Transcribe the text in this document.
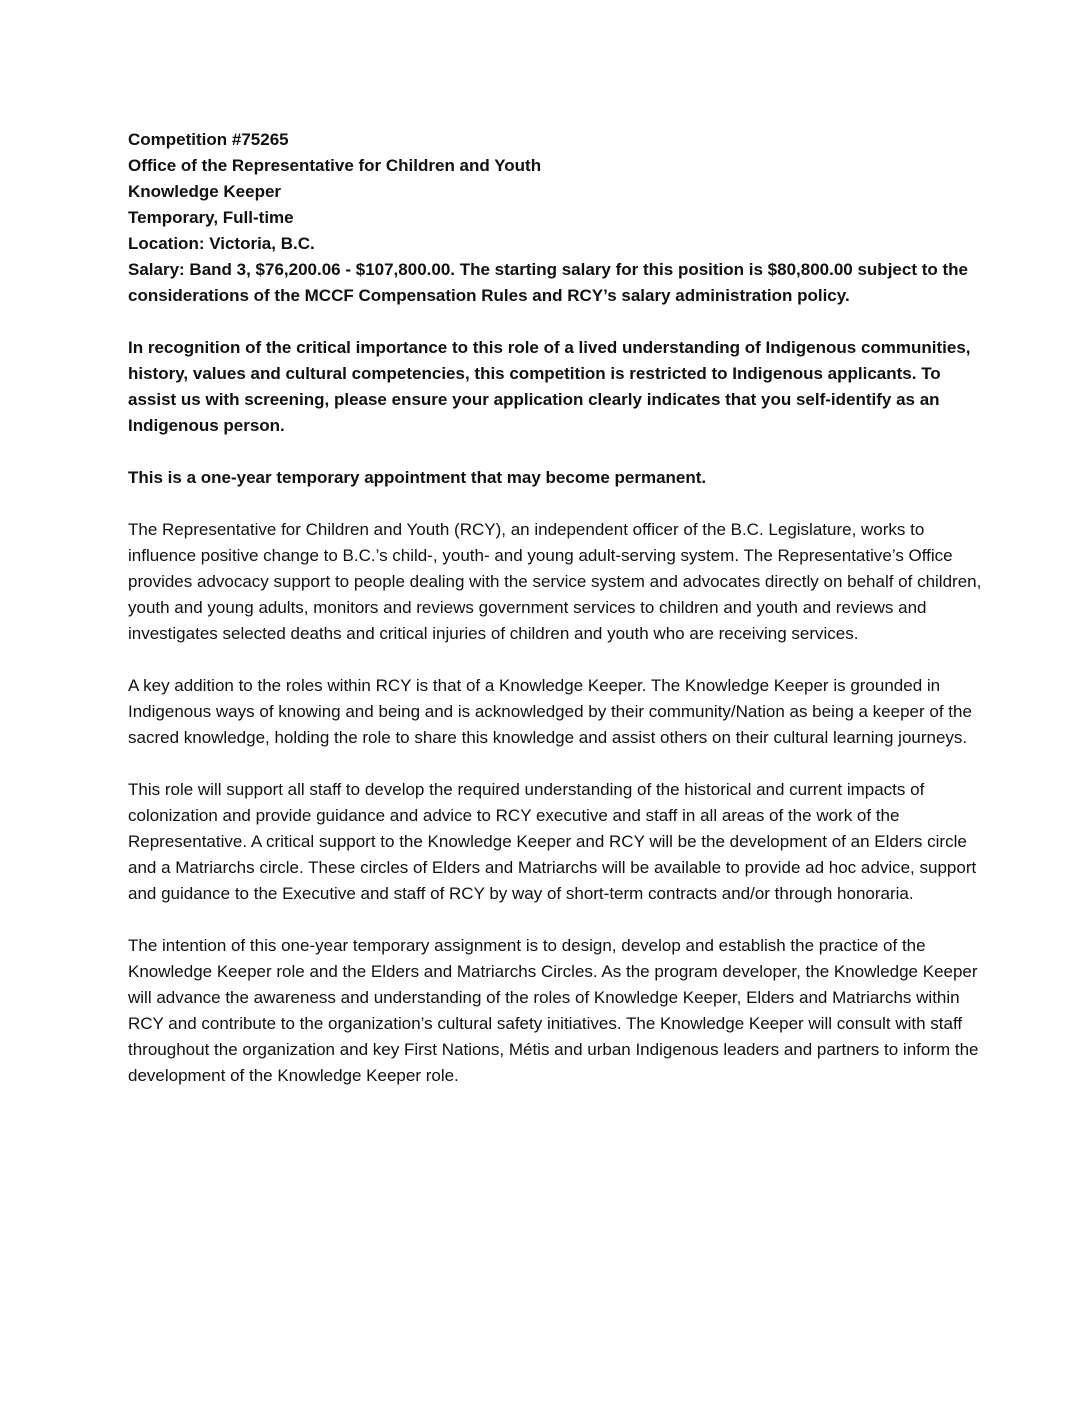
Competition #75265

Office of the Representative for Children and Youth

Knowledge Keeper

Temporary, Full-time

Location: Victoria, B.C.

Salary: Band 3, $76,200.06 - $107,800.00. The starting salary for this position is $80,800.00 subject to the considerations of the MCCF Compensation Rules and RCY’s salary administration policy.

In recognition of the critical importance to this role of a lived understanding of Indigenous communities, history, values and cultural competencies, this competition is restricted to Indigenous applicants. To assist us with screening, please ensure your application clearly indicates that you self-identify as an Indigenous person.

This is a one-year temporary appointment that may become permanent.

The Representative for Children and Youth (RCY), an independent officer of the B.C. Legislature, works to influence positive change to B.C.’s child-, youth- and young adult-serving system. The Representative’s Office provides advocacy support to people dealing with the service system and advocates directly on behalf of children, youth and young adults, monitors and reviews government services to children and youth and reviews and investigates selected deaths and critical injuries of children and youth who are receiving services.

A key addition to the roles within RCY is that of a Knowledge Keeper. The Knowledge Keeper is grounded in Indigenous ways of knowing and being and is acknowledged by their community/Nation as being a keeper of the sacred knowledge, holding the role to share this knowledge and assist others on their cultural learning journeys.

This role will support all staff to develop the required understanding of the historical and current impacts of colonization and provide guidance and advice to RCY executive and staff in all areas of the work of the Representative. A critical support to the Knowledge Keeper and RCY will be the development of an Elders circle and a Matriarchs circle. These circles of Elders and Matriarchs will be available to provide ad hoc advice, support and guidance to the Executive and staff of RCY by way of short-term contracts and/or through honoraria.

The intention of this one-year temporary assignment is to design, develop and establish the practice of the Knowledge Keeper role and the Elders and Matriarchs Circles. As the program developer, the Knowledge Keeper will advance the awareness and understanding of the roles of Knowledge Keeper, Elders and Matriarchs within RCY and contribute to the organization’s cultural safety initiatives. The Knowledge Keeper will consult with staff throughout the organization and key First Nations, Métis and urban Indigenous leaders and partners to inform the development of the Knowledge Keeper role.
